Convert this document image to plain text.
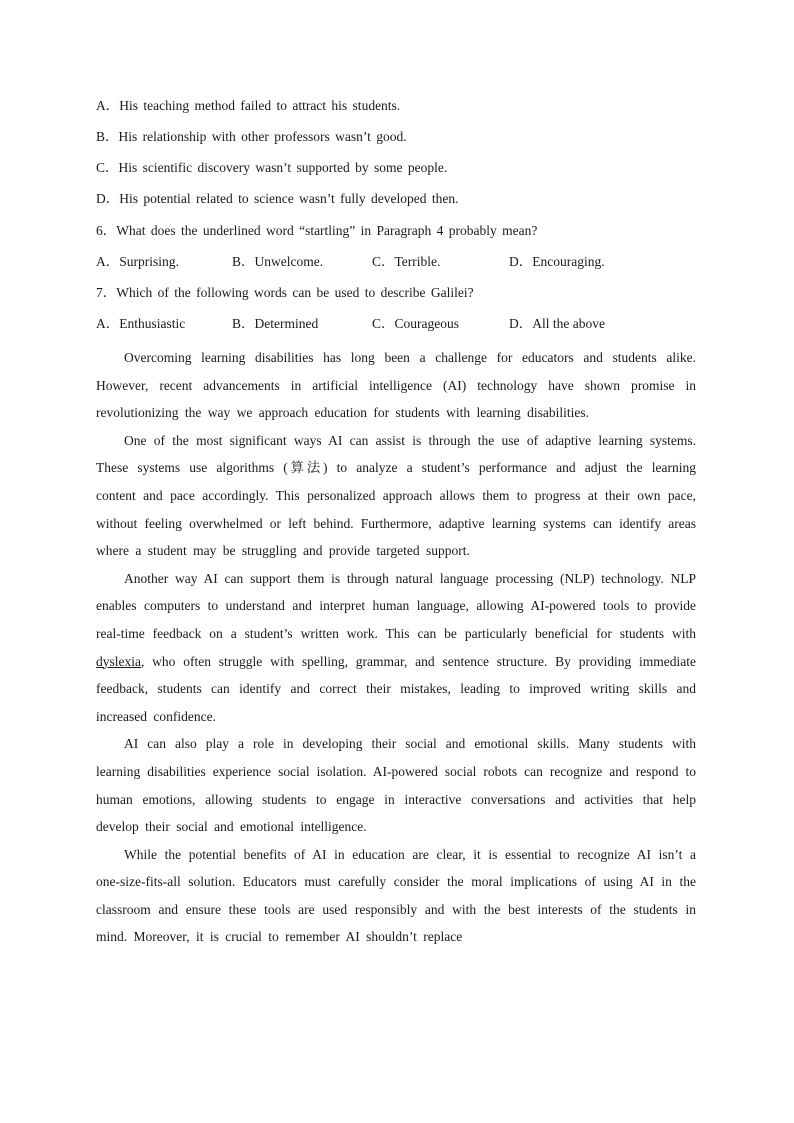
A．His teaching method failed to attract his students.
B．His relationship with other professors wasn’t good.
C．His scientific discovery wasn’t supported by some people.
D．His potential related to science wasn’t fully developed then.
6．What does the underlined word “startling” in Paragraph 4 probably mean?
A．Surprising.	B．Unwelcome.	C．Terrible.	D．Encouraging.
7．Which of the following words can be used to describe Galilei?
A．Enthusiastic	B．Determined	C．Courageous	D．All the above

Overcoming learning disabilities has long been a challenge for educators and students alike. However, recent advancements in artificial intelligence (AI) technology have shown promise in revolutionizing the way we approach education for students with learning disabilities.

One of the most significant ways AI can assist is through the use of adaptive learning systems. These systems use algorithms (算法) to analyze a student’s performance and adjust the learning content and pace accordingly. This personalized approach allows them to progress at their own pace, without feeling overwhelmed or left behind. Furthermore, adaptive learning systems can identify areas where a student may be struggling and provide targeted support.

Another way AI can support them is through natural language processing (NLP) technology. NLP enables computers to understand and interpret human language, allowing AI-powered tools to provide real-time feedback on a student’s written work. This can be particularly beneficial for students with dyslexia, who often struggle with spelling, grammar, and sentence structure. By providing immediate feedback, students can identify and correct their mistakes, leading to improved writing skills and increased confidence.

AI can also play a role in developing their social and emotional skills. Many students with learning disabilities experience social isolation. AI-powered social robots can recognize and respond to human emotions, allowing students to engage in interactive conversations and activities that help develop their social and emotional intelligence.

While the potential benefits of AI in education are clear, it is essential to recognize AI isn’t a one-size-fits-all solution. Educators must carefully consider the moral implications of using AI in the classroom and ensure these tools are used responsibly and with the best interests of the students in mind. Moreover, it is crucial to remember AI shouldn’t replace
